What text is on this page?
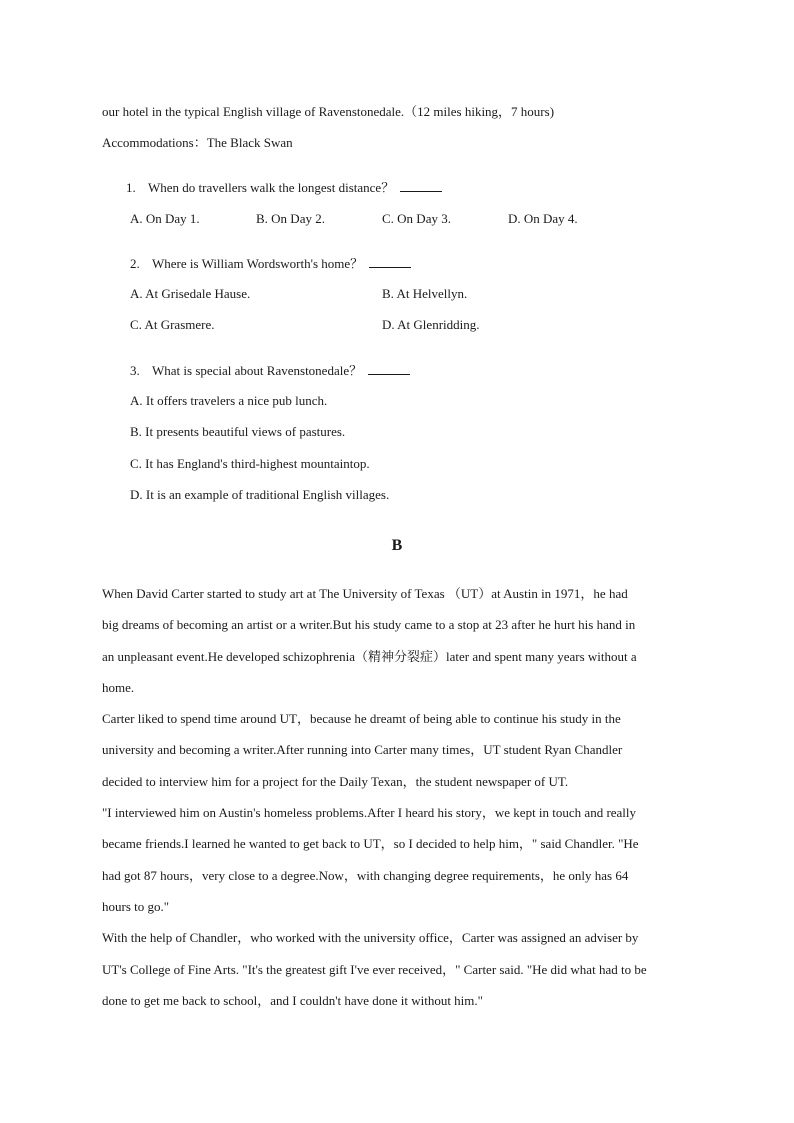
our hotel in the typical English village of Ravenstonedale.（12 miles hiking，7 hours)
Accommodations：The Black Swan
1. When do travellers walk the longest distance？
A. On Day 1.	B. On Day 2.	C. On Day 3.	D. On Day 4.
2. Where is William Wordsworth's home？
A. At Grisedale Hause.	B. At Helvellyn.
C. At Grasmere.	D. At Glenridding.
3. What is special about Ravenstonedale？
A. It offers travelers a nice pub lunch.
B. It presents beautiful views of pastures.
C. It has England's third-highest mountaintop.
D. It is an example of traditional English villages.
B
When David Carter started to study art at The University of Texas （UT）at Austin in 1971，he had
big dreams of becoming an artist or a writer.But his study came to a stop at 23 after he hurt his hand in
an unpleasant event.He developed schizophrenia（精神分裂症）later and spent many years without a
home.
Carter liked to spend time around UT，because he dreamt of being able to continue his study in the
university and becoming a writer.After running into Carter many times，UT student Ryan Chandler
decided to interview him for a project for the Daily Texan，the student newspaper of UT.
"I interviewed him on Austin's homeless problems.After I heard his story，we kept in touch and really
became friends.I learned he wanted to get back to UT，so I decided to help him，" said Chandler. "He
had got 87 hours，very close to a degree.Now，with changing degree requirements，he only has 64
hours to go."
With the help of Chandler，who worked with the university office，Carter was assigned an adviser by
UT's College of Fine Arts. "It's the greatest gift I've ever received，" Carter said. "He did what had to be
done to get me back to school，and I couldn't have done it without him."
